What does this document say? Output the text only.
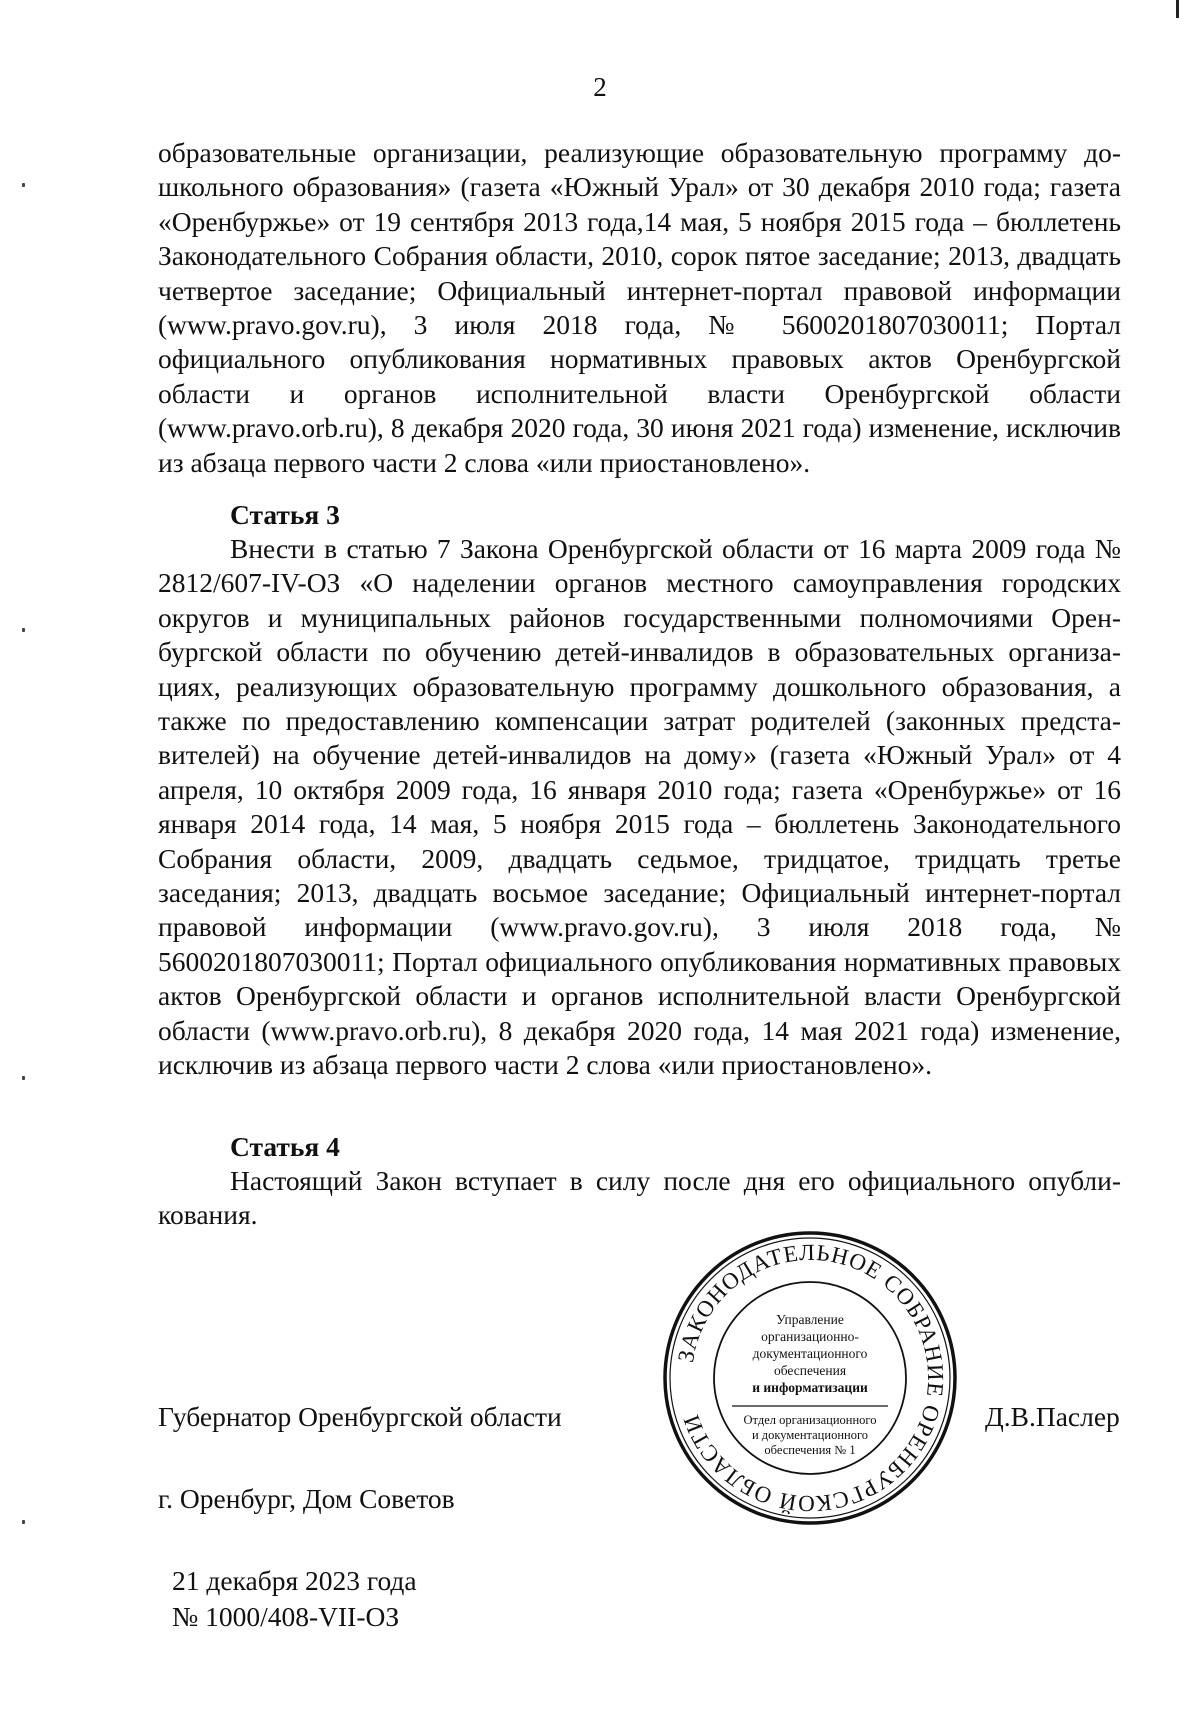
2

образовательные организации, реализующие образовательную программу дошкольного образования» (газета «Южный Урал» от 30 декабря 2010 года; газета «Оренбуржье» от 19 сентября 2013 года,14 мая, 5 ноября 2015 года – бюллетень Законодательного Собрания области, 2010, сорок пятое заседание; 2013, двадцать четвертое заседание; Официальный интернет-портал правовой информации (www.pravo.gov.ru), 3 июля 2018 года, № 5600201807030011; Портал официального опубликования нормативных правовых актов Оренбургской области и органов исполнительной власти Оренбургской области (www.pravo.orb.ru), 8 декабря 2020 года, 30 июня 2021 года) изменение, исключив из абзаца первого части 2 слова «или приостановлено».

Статья 3

Внести в статью 7 Закона Оренбургской области от 16 марта 2009 года № 2812/607-IV-ОЗ «О наделении органов местного самоуправления городских округов и муниципальных районов государственными полномочиями Оренбургской области по обучению детей-инвалидов в образовательных организациях, реализующих образовательную программу дошкольного образования, а также по предоставлению компенсации затрат родителей (законных представителей) на обучение детей-инвалидов на дому» (газета «Южный Урал» от 4 апреля, 10 октября 2009 года, 16 января 2010 года; газета «Оренбуржье» от 16 января 2014 года, 14 мая, 5 ноября 2015 года – бюллетень Законодательного Собрания области, 2009, двадцать седьмое, тридцатое, тридцать третье заседания; 2013, двадцать восьмое заседание; Официальный интернет-портал правовой информации (www.pravo.gov.ru), 3 июля 2018 года, № 5600201807030011; Портал официального опубликования нормативных правовых актов Оренбургской области и органов исполнительной власти Оренбургской области (www.pravo.orb.ru), 8 декабря 2020 года, 14 мая 2021 года) изменение, исключив из абзаца первого части 2 слова «или приостановлено».

Статья 4

Настоящий Закон вступает в силу после дня его официального опубликования.

ЗАКОНОДАТЕЛЬНОЕ СОБРАНИЕ ОРЕНБУРГСКОЙ ОБЛАСТИ
Управление
организационно-
документационного
обеспечения
и информатизации
Отдел организационного
и документационного
обеспечения № 1
Губернатор Оренбургской области	Д.В.Паслер
г. Оренбург, Дом Советов
21 декабря 2023 года
№ 1000/408-VII-ОЗ
